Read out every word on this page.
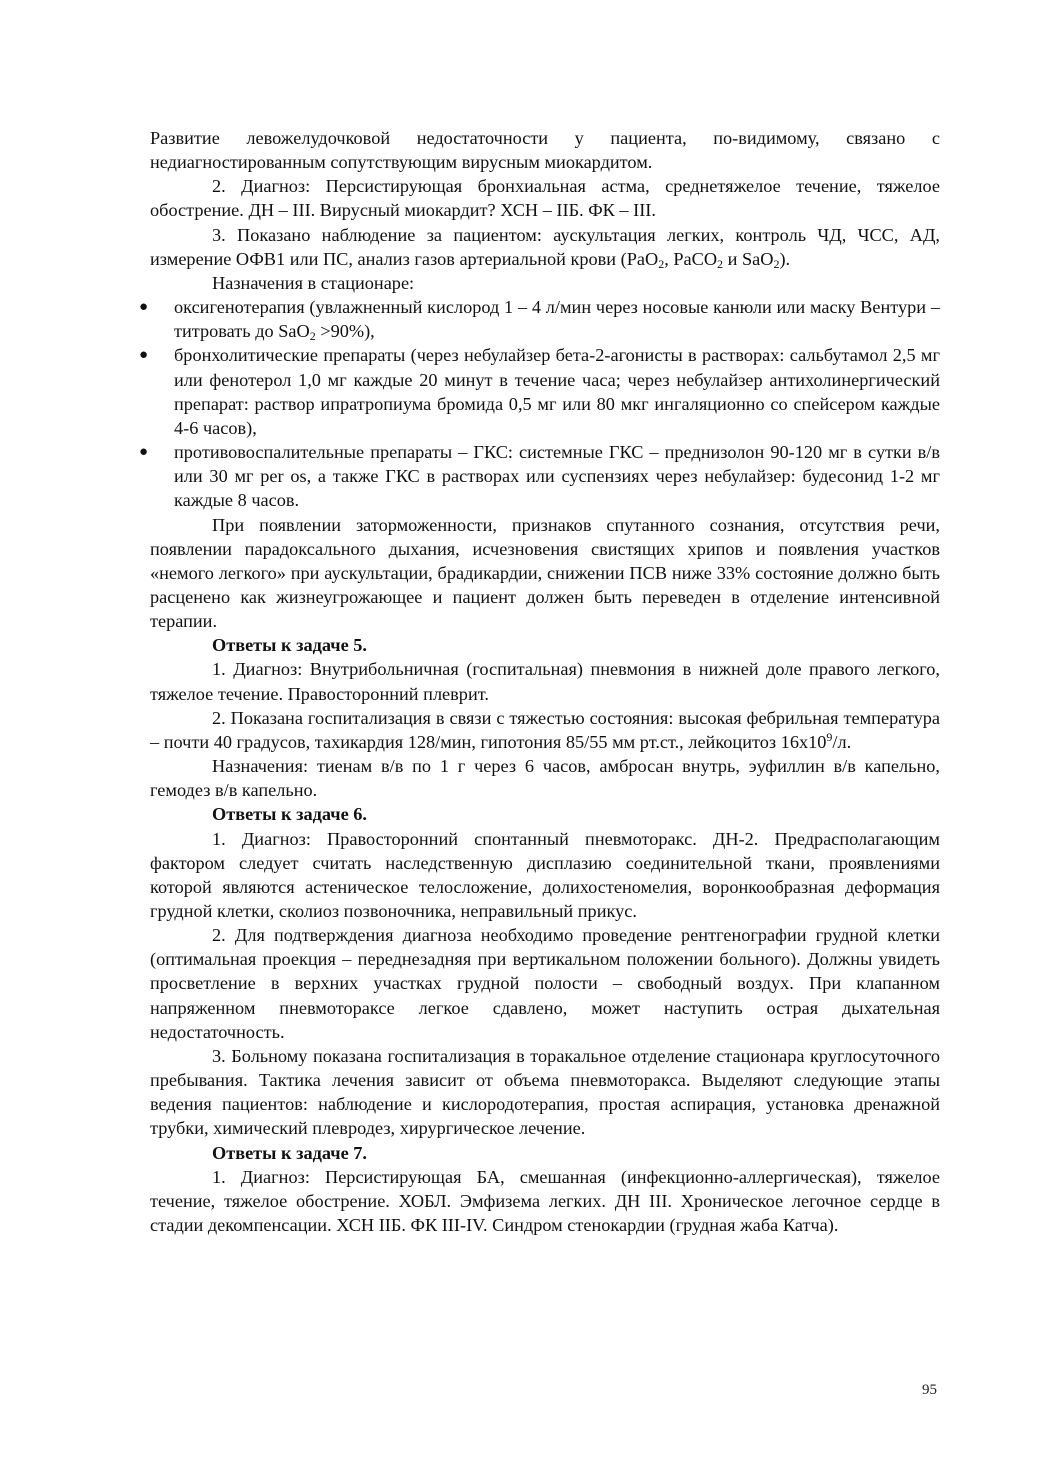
Развитие левожелудочковой недостаточности у пациента, по-видимому, связано с недиагностированным сопутствующим вирусным миокардитом.

2. Диагноз: Персистирующая бронхиальная астма, среднетяжелое течение, тяжелое обострение. ДН – III. Вирусный миокардит? ХСН – IIБ. ФК – III.

3. Показано наблюдение за пациентом: аускультация легких, контроль ЧД, ЧСС, АД, измерение ОФВ1 или ПС, анализ газов артериальной крови (PaO$_2$, PaCO$_2$ и SaO$_2$).

Назначения в стационаре:

● оксигенотерапия (увлажненный кислород 1 – 4 л/мин через носовые канюли или маску Вентури – титровать до SaO$_2$ >90%),
● бронхолитические препараты (через небулайзер бета-2-агонисты в растворах: сальбутамол 2,5 мг или фенотерол 1,0 мг каждые 20 минут в течение часа; через небулайзер антихолинергический препарат: раствор ипратропиума бромида 0,5 мг или 80 мкг ингаляционно со спейсером каждые 4-6 часов),
● противовоспалительные препараты – ГКС: системные ГКС – преднизолон 90-120 мг в сутки в/в или 30 мг per os, а также ГКС в растворах или суспензиях через небулайзер: будесонид 1-2 мг каждые 8 часов.

При появлении заторможенности, признаков спутанного сознания, отсутствия речи, появлении парадоксального дыхания, исчезновения свистящих хрипов и появления участков «немого легкого» при аускультации, брадикардии, снижении ПСВ ниже 33% состояние должно быть расценено как жизнеугрожающее и пациент должен быть переведен в отделение интенсивной терапии.

Ответы к задаче 5.

1. Диагноз: Внутрибольничная (госпитальная) пневмония в нижней доле правого легкого, тяжелое течение. Правосторонний плеврит.

2. Показана госпитализация в связи с тяжестью состояния: высокая фебрильная температура – почти 40 градусов, тахикардия 128/мин, гипотония 85/55 мм рт.ст., лейкоцитоз $16х10^9/л$.

Назначения: тиенам в/в по 1 г через 6 часов, амбросан внутрь, эуфиллин в/в капельно, гемодез в/в капельно.

Ответы к задаче 6.

1. Диагноз: Правосторонний спонтанный пневмоторакс. ДН-2. Предрасполагающим фактором следует считать наследственную дисплазию соединительной ткани, проявлениями которой являются астеническое телосложение, долихостеномелия, воронкообразная деформация грудной клетки, сколиоз позвоночника, неправильный прикус.

2. Для подтверждения диагноза необходимо проведение рентгенографии грудной клетки (оптимальная проекция – переднезадняя при вертикальном положении больного). Должны увидеть просветление в верхних участках грудной полости – свободный воздух. При клапанном напряженном пневмотораксе легкое сдавлено, может наступить острая дыхательная недостаточность.

3. Больному показана госпитализация в торакальное отделение стационара круглосуточного пребывания. Тактика лечения зависит от объема пневмоторакса. Выделяют следующие этапы ведения пациентов: наблюдение и кислородотерапия, простая аспирация, установка дренажной трубки, химический плевродез, хирургическое лечение.

Ответы к задаче 7.

1. Диагноз: Персистирующая БА, смешанная (инфекционно-аллергическая), тяжелое течение, тяжелое обострение. ХОБЛ. Эмфизема легких. ДН III. Хроническое легочное сердце в стадии декомпенсации. ХСН IIБ. ФК III-IV. Синдром стенокардии (грудная жаба Катча).

95
